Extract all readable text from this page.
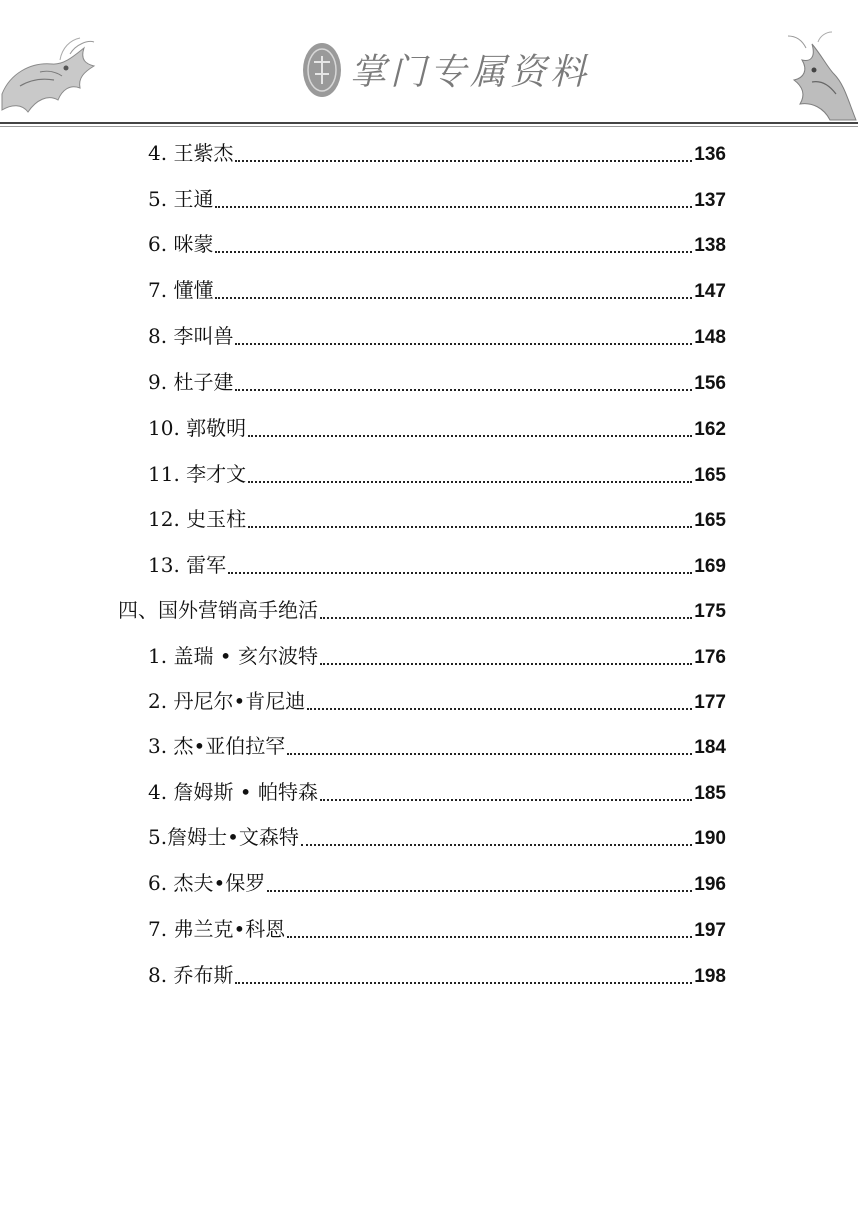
掌门专属资料
4. 王紫杰	136
5. 王通	137
6. 咪蒙	138
7. 懂懂	147
8. 李叫兽	148
9. 杜子建	156
10. 郭敬明	162
11. 李才文	165
12. 史玉柱	165
13. 雷军	169
四、国外营销高手绝活	175
1. 盖瑞 • 亥尔波特	176
2. 丹尼尔•肯尼迪	177
3. 杰•亚伯拉罕	184
4. 詹姆斯 • 帕特森	185
5.詹姆士•文森特	190
6. 杰夫•保罗	196
7. 弗兰克•科恩	197
8. 乔布斯	198
